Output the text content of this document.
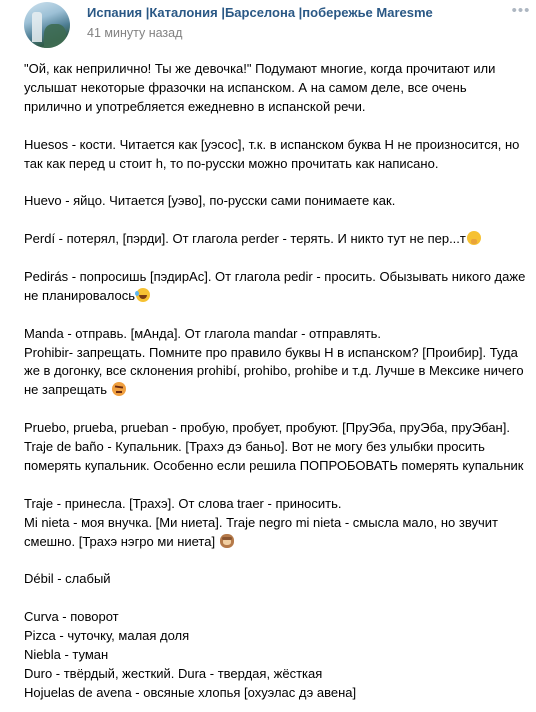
Испания |Каталония |Барселона |побережье Maresme
41 минуту назад
•••
"Ой, как неприлично! Ты же девочка!" Подумают многие, когда прочитают или
услышат некоторые фразочки на испанском. А на самом деле, все очень
прилично и употребляется ежедневно в испанской речи.
Huesos - кости. Читается как [уэсос], т.к. в испанском буква Н не произносится, но
так как перед u стоит h, то по-русски можно прочитать как написано.
Huevo - яйцо. Читается [уэво], по-русски сами понимаете как.
Perdí - потерял, [пэрди]. От глагола perder - терять. И никто тут не пер...т
Pedirás - попросишь [пэдирАс]. От глагола pedir - просить. Обызывать никого даже
не планировалось
Manda - отправь. [мАнда]. От глагола mandar - отправлять.
Prohibir- запрещать. Помните про правило буквы Н в испанском? [Проибир]. Туда
же в догонку, все склонения prohibí, prohibo, prohibe и т.д. Лучше в Мексике ничего
не запрещать
Pruebo, prueba, prueban - пробую, пробует, пробуют. [ПруЭба, пруЭба, пруЭбан].
Traje de baño - Купальник. [Трахэ дэ баньо]. Вот не могу без улыбки просить
померять купальник. Особенно если решила ПОПРОБОВАТЬ померять купальник
Traje - принесла. [Трахэ]. От слова traer - приносить.
Mi nieta - моя внучка. [Ми ниета]. Traje negro mi nieta - смысла мало, но звучит
смешно. [Трахэ нэгро ми ниета]
Débil - слабый
Curva - поворот
Pizca - чуточку, малая доля
Niebla - туман
Duro - твёрдый, жесткий. Dura - твердая, жёсткая
Hojuelas de avena - овсяные хлопья [охуэлас дэ авена]
